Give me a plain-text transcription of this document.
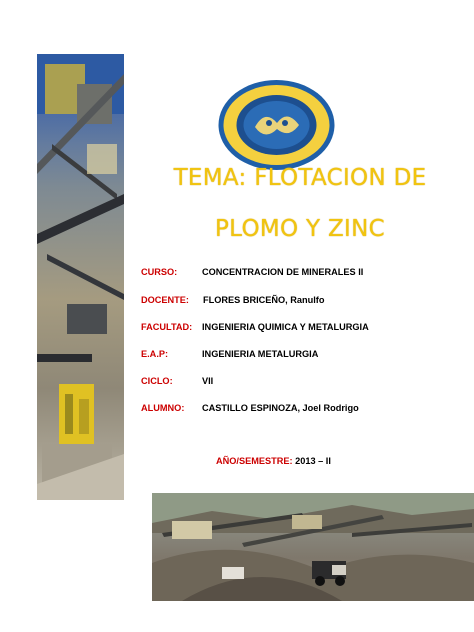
TEMA: FLOTACION DE
PLOMO Y ZINC
CURSO:	CONCENTRACION DE MINERALES II
DOCENTE: FLORES BRICEÑO, Ranulfo
FACULTAD: INGENIERIA QUIMICA Y METALURGIA
E.A.P:	INGENIERIA METALURGIA
CICLO:	VII
ALUMNO: CASTILLO ESPINOZA, Joel Rodrigo
AÑO/SEMESTRE: 2013 – II
